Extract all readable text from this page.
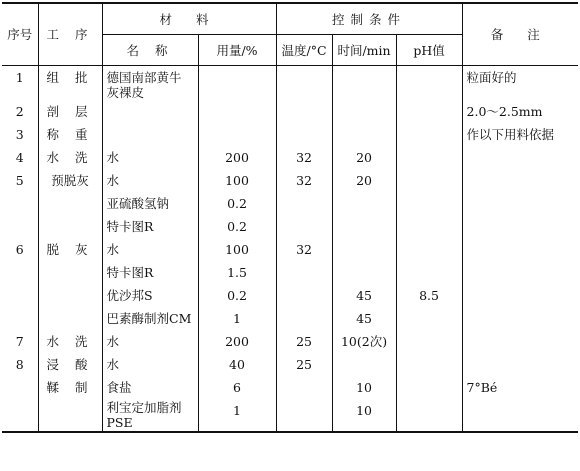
序号	工 序	材 料		控制条件			备 注
		名 称	用量/%	温度/°C	时间/min	pH值	
1	组 批	德国南部黄牛灰裸皮					粒面好的
2	剖 层						2.0～2.5mm
3	称 重						作以下用料依据
4	水 洗	水	200	32	20		
5	预脱灰	水	100	32	20		
		亚硫酸氢钠	0.2				
		特卡图R	0.2				
6	脱 灰	水	100	32			
		特卡图R	1.5				
		优沙邦S	0.2		45	8.5	
		巴素酶制剂CM	1		45		
7	水 洗	水	200	25	10(2次)		
8	浸 酸	水	40	25			
	鞣 制	食盐	6		10		7°Bé
		利宝定加脂剂PSE	1		10		
